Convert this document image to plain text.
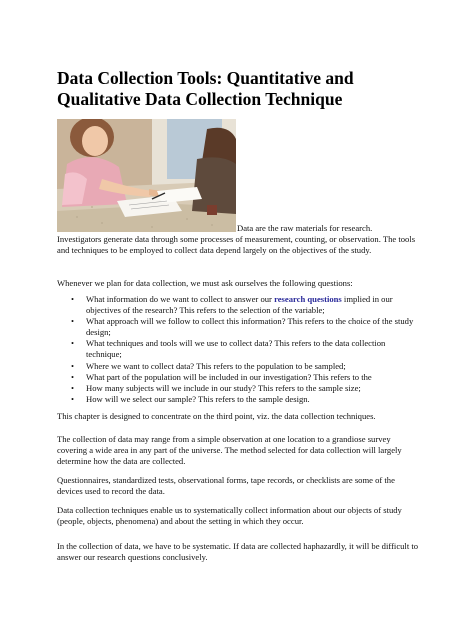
Data Collection Tools: Quantitative and
Qualitative Data Collection Technique
Data are the raw materials for research.

Investigators generate data through some processes of measurement, counting, or observation. The tools and techniques to be employed to collect data depend largely on the objectives of the study.

Whenever we plan for data collection, we must ask ourselves the following questions:

• What information do we want to collect to answer our research questions implied in our objectives of the research? This refers to the selection of the variable;
• What approach will we follow to collect this information? This refers to the choice of the study design;
• What techniques and tools will we use to collect data? This refers to the data collection technique;
• Where we want to collect data? This refers to the population to be sampled;
• What part of the population will be included in our investigation? This refers to the
• How many subjects will we include in our study? This refers to the sample size;
• How will we select our sample? This refers to the sample design.

This chapter is designed to concentrate on the third point, viz. the data collection techniques.

The collection of data may range from a simple observation at one location to a grandiose survey covering a wide area in any part of the universe. The method selected for data collection will largely determine how the data are collected.

Questionnaires, standardized tests, observational forms, tape records, or checklists are some of the devices used to record the data.

Data collection techniques enable us to systematically collect information about our objects of study (people, objects, phenomena) and about the setting in which they occur.

In the collection of data, we have to be systematic. If data are collected haphazardly, it will be difficult to answer our research questions conclusively.
